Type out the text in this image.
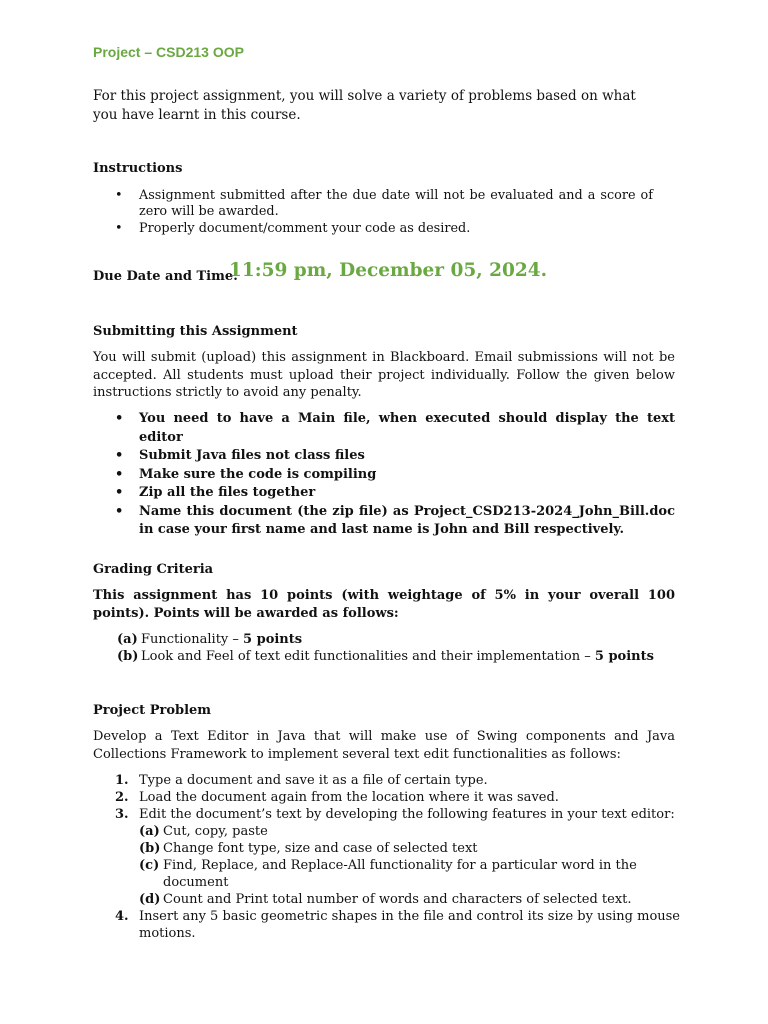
Project – CSD213 OOP
For this project assignment, you will solve a variety of problems based on what you have learnt in this course.
Instructions
• Assignment submitted after the due date will not be evaluated and a score of zero will be awarded.
• Properly document/comment your code as desired.
Due Date and Time:
11:59 pm, December 05, 2024.
Submitting this Assignment
You will submit (upload) this assignment in Blackboard. Email submissions will not be accepted. All students must upload their project individually. Follow the given below instructions strictly to avoid any penalty.
• You need to have a Main file, when executed should display the text editor
• Submit Java files not class files
• Make sure the code is compiling
• Zip all the files together
• Name this document (the zip file) as Project_CSD213-2024_John_Bill.doc in case your first name and last name is John and Bill respectively.
Grading Criteria
This assignment has 10 points (with weightage of 5% in your overall 100 points). Points will be awarded as follows:
(a) Functionality – 5 points
(b) Look and Feel of text edit functionalities and their implementation – 5 points
Project Problem
Develop a Text Editor in Java that will make use of Swing components and Java Collections Framework to implement several text edit functionalities as follows:
1. Type a document and save it as a file of certain type.
2. Load the document again from the location where it was saved.
3. Edit the document’s text by developing the following features in your text editor:
(a) Cut, copy, paste
(b) Change font type, size and case of selected text
(c) Find, Replace, and Replace-All functionality for a particular word in the document
(d) Count and Print total number of words and characters of selected text.
4. Insert any 5 basic geometric shapes in the file and control its size by using mouse motions.
